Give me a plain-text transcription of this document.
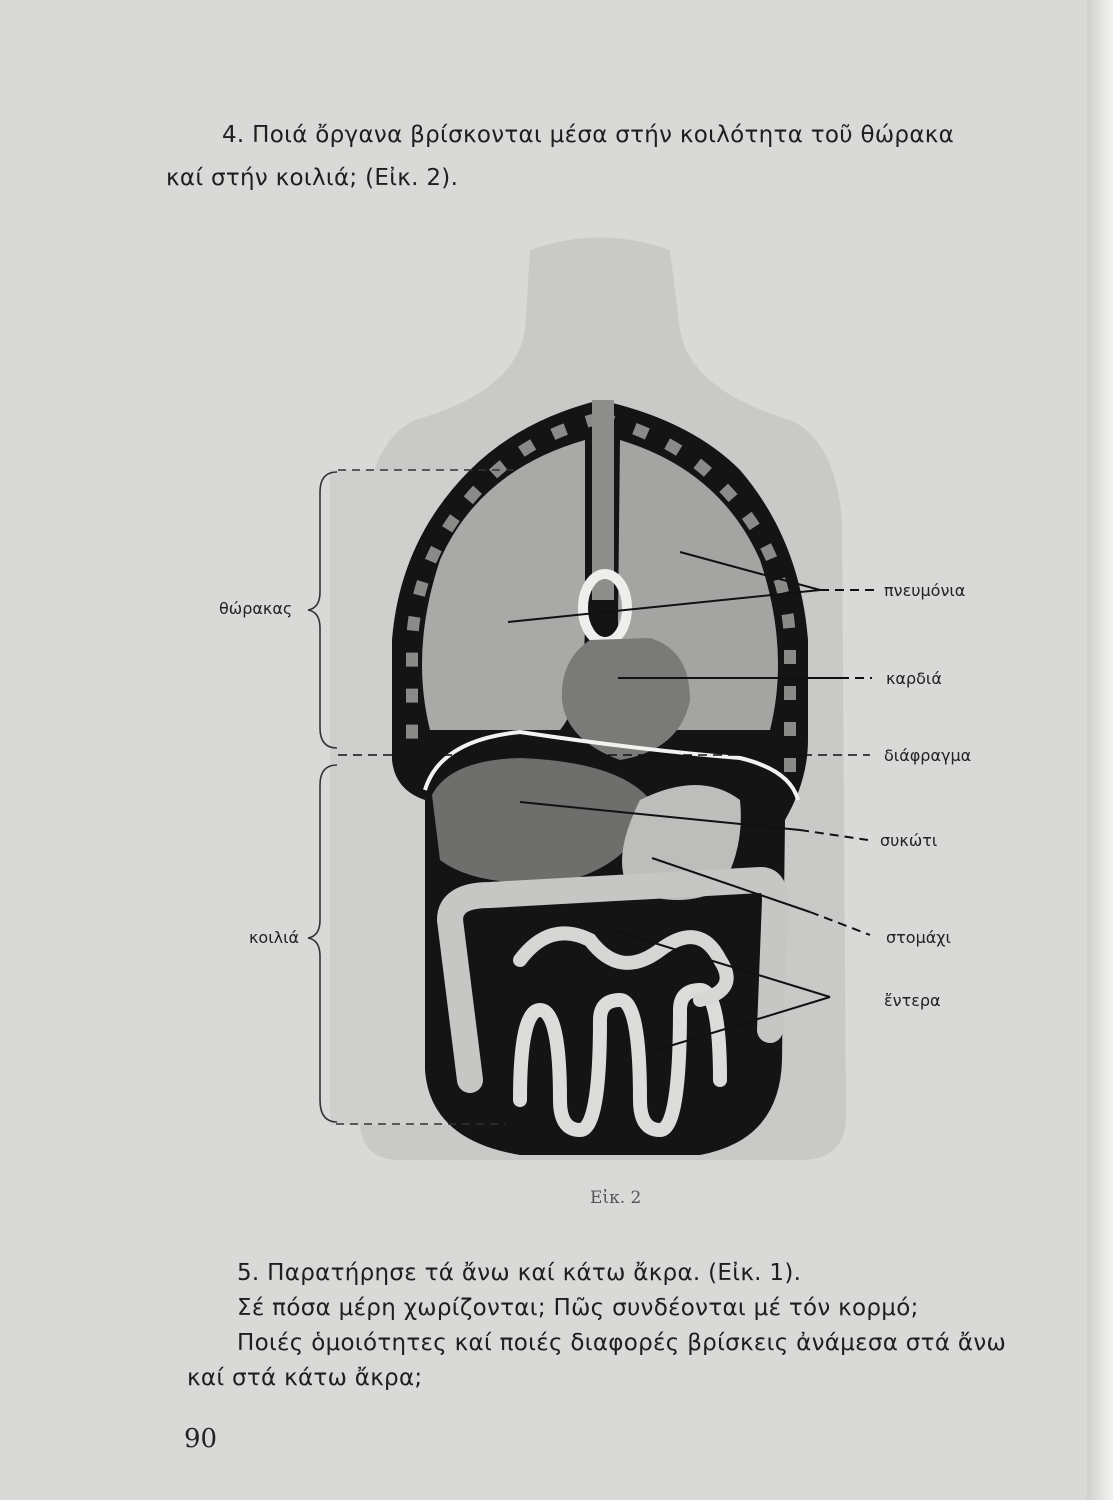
4. Ποιά ὄργανα βρίσκονται μέσα στήν κοιλότητα τοῦ θώρακα

καί στήν κοιλιά; (Εἰκ. 2).

θώρακας
κοιλιά
πνευμόνια
καρδιά
διάφραγμα
συκώτι
στομάχι
ἔντερα
Εἰκ. 2

5. Παρατήρησε τά ἄνω καί κάτω ἄκρα. (Εἰκ. 1).

Σέ πόσα μέρη χωρίζονται; Πῶς συνδέονται μέ τόν κορμό;

Ποιές ὁμοιότητες καί ποιές διαφορές βρίσκεις ἀνάμεσα στά ἄνω

καί στά κάτω ἄκρα;

90
